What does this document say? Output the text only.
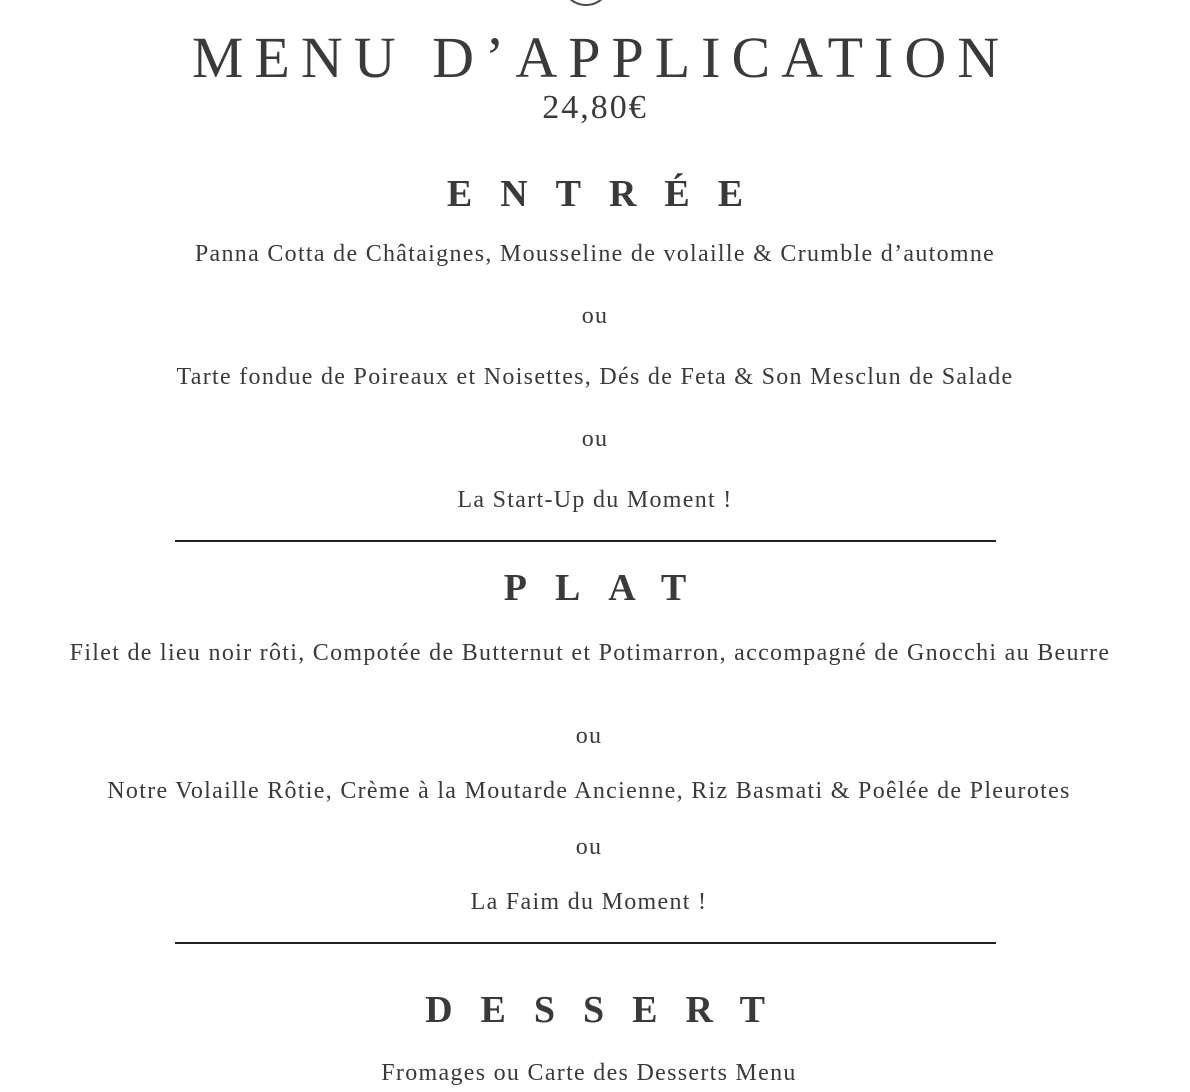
MENU D’APPLICATION
24,80€
ENTRÉE
Panna Cotta de Châtaignes, Mousseline de volaille & Crumble d’automne
ou
Tarte fondue de Poireaux et Noisettes, Dés de Feta & Son Mesclun de Salade
ou
La Start-Up du Moment !
PLAT
Filet de lieu noir rôti, Compotée de Butternut et Potimarron, accompagné de Gnocchi au Beurre
ou
Notre Volaille Rôtie, Crème à la Moutarde Ancienne, Riz Basmati & Poêlée de Pleurotes
ou
La Faim du Moment !
DESSERT
Fromages ou Carte des Desserts Menu
